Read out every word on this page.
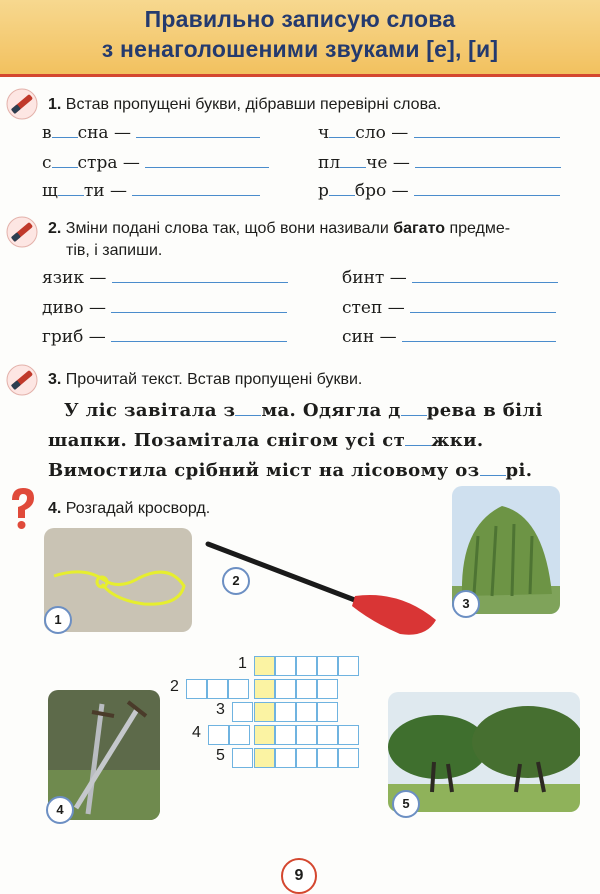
Правильно записую слова
з ненаголошеними звуками [е], [и]
1. Встав пропущені букви, дібравши перевірні слова.
в сна —
с стра —
щ ти —
ч сло —
пл че —
р бро —
2. Зміни подані слова так, щоб вони називали багато предме-
тів, і запиши.
язик —
диво —
гриб —
бинт —
степ —
син —
3. Прочитай текст. Встав пропущені букви.
У ліс завітала з ма. Одягла д рева в білі шапки. Позамітала снігом усі ст жки. Вимостила срібний міст на лісовому оз рі.
4. Розгадай кросворд.
1
2
3
4	5
1
2
3
4
5
9
